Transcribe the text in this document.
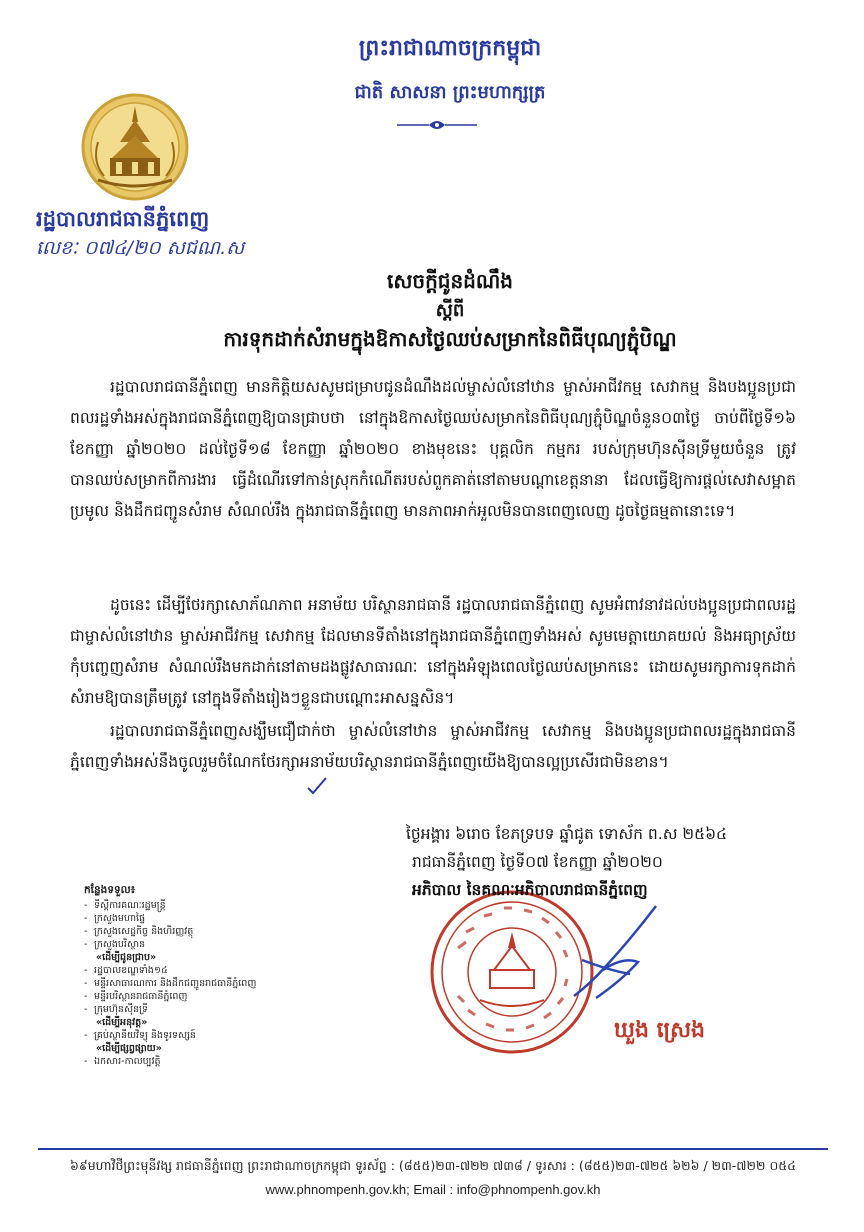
ព្រះរាជាណាចក្រកម្ពុជា
ជាតិ សាសនា ព្រះមហាក្សត្រ
រដ្ឋបាលរាជធានីភ្នំពេញ
លេខៈ ០៧៤/២០ សជណ.ស
សេចក្តីជូនដំណឹង
ស្តីពី
ការទុកដាក់សំរាមក្នុងឱកាសថ្ងៃឈប់សម្រាកនៃពិធីបុណ្យភ្ជុំបិណ្ឌ

រដ្ឋបាលរាជធានីភ្នំពេញ មានកិត្តិយសសូមជម្រាបជូនដំណឹងដល់ម្ចាស់លំនៅឋាន ម្ចាស់អាជីវកម្ម សេវាកម្ម និងបងប្អូនប្រជាពលរដ្ឋទាំងអស់ក្នុងរាជធានីភ្នំពេញឱ្យបានជ្រាបថា នៅក្នុងឱកាសថ្ងៃឈប់សម្រាកនៃពិធីបុណ្យភ្ជុំបិណ្ឌចំនួន០៣ថ្ងៃ ចាប់ពីថ្ងៃទី១៦ ខែកញ្ញា ឆ្នាំ២០២០ ដល់ថ្ងៃទី១៨ ខែកញ្ញា ឆ្នាំ២០២០ ខាងមុខនេះ បុគ្គលិក កម្មករ របស់ក្រុមហ៊ុនស៊ីនទ្រីមួយចំនួន ត្រូវបានឈប់សម្រាកពីការងារ ធ្វើដំណើរទៅកាន់ស្រុកកំណើតរបស់ពួកគាត់នៅតាមបណ្តាខេត្តនានា ដែលធ្វើឱ្យការផ្តល់សេវាសម្អាត ប្រមូល និងដឹកជញ្ជូនសំរាម សំណល់រឹង ក្នុងរាជធានីភ្នំពេញ មានភាពអាក់អួលមិនបានពេញលេញ ដូចថ្ងៃធម្មតានោះទេ។

ដូចនេះ ដើម្បីថែរក្សាសោភ័ណភាព អនាម័យ បរិស្ថានរាជធានី រដ្ឋបាលរាជធានីភ្នំពេញ សូមអំពាវនាវដល់បងប្អូនប្រជាពលរដ្ឋជាម្ចាស់លំនៅឋាន ម្ចាស់អាជីវកម្ម សេវាកម្ម ដែលមានទីតាំងនៅក្នុងរាជធានីភ្នំពេញទាំងអស់ សូមមេត្តាយោគយល់ និងអធ្យាស្រ័យ កុំបញ្ចេញសំរាម សំណល់រឹងមកដាក់នៅតាមដងផ្លូវសាធារណៈ នៅក្នុងអំឡុងពេលថ្ងៃឈប់សម្រាកនេះ ដោយសូមរក្សាការទុកដាក់សំរាមឱ្យបានត្រឹមត្រូវ នៅក្នុងទីតាំងរៀងៗខ្លួនជាបណ្តោះអាសន្នសិន។

រដ្ឋបាលរាជធានីភ្នំពេញសង្ឃឹមជឿជាក់ថា ម្ចាស់លំនៅឋាន ម្ចាស់អាជីវកម្ម សេវាកម្ម និងបងប្អូនប្រជាពលរដ្ឋក្នុងរាជធានីភ្នំពេញទាំងអស់នឹងចូលរួមចំណែកថែរក្សាអនាម័យបរិស្ថានរាជធានីភ្នំពេញយើងឱ្យបានល្អប្រសើរជាមិនខាន។

ថ្ងៃអង្គារ ៦រោច ខែភទ្របទ ឆ្នាំជូត ទោស័ក ព.ស ២៥៦៤
រាជធានីភ្នំពេញ ថ្ងៃទី០៧ ខែកញ្ញា ឆ្នាំ២០២០
អភិបាល នៃគណៈអភិបាលរាជធានីភ្នំពេញ
ឃួង ស្រេង
កន្លែងទទួល៖
- ទីស្តីការគណៈរដ្ឋមន្ត្រី
- ក្រសួងមហាផ្ទៃ
- ក្រសួងសេដ្ឋកិច្ច និងហិរញ្ញវត្ថុ
- ក្រសួងបរិស្ថាន
«ដើម្បីជូនជ្រាប»
- រដ្ឋបាលខណ្ឌទាំង១៤
- មន្ទីរសាធារណការ និងដឹកជញ្ជូនរាជធានីភ្នំពេញ
- មន្ទីរបរិស្ថានរាជធានីភ្នំពេញ
- ក្រុមហ៊ុនស៊ីនទ្រី
«ដើម្បីអនុវត្ត»
- គ្រប់ស្ថានីយវិទ្យុ និងទូរទស្សន៍
«ដើម្បីផ្សព្វផ្សាយ»
- ឯកសារ-កាលប្បវត្តិ
៦៩មហាវិថីព្រះមុនីវង្ស រាជធានីភ្នំពេញ ព្រះរាជាណាចក្រកម្ពុជា ទូរស័ព្ទ : (៨៥៥)២៣-៧២២ ៧៣៨ / ទូរសារ : (៨៥៥)២៣-៧២៥ ៦២៦ / ២៣-៧២២ ០៥៤
www.phnompenh.gov.kh; Email : info@phnompenh.gov.kh
